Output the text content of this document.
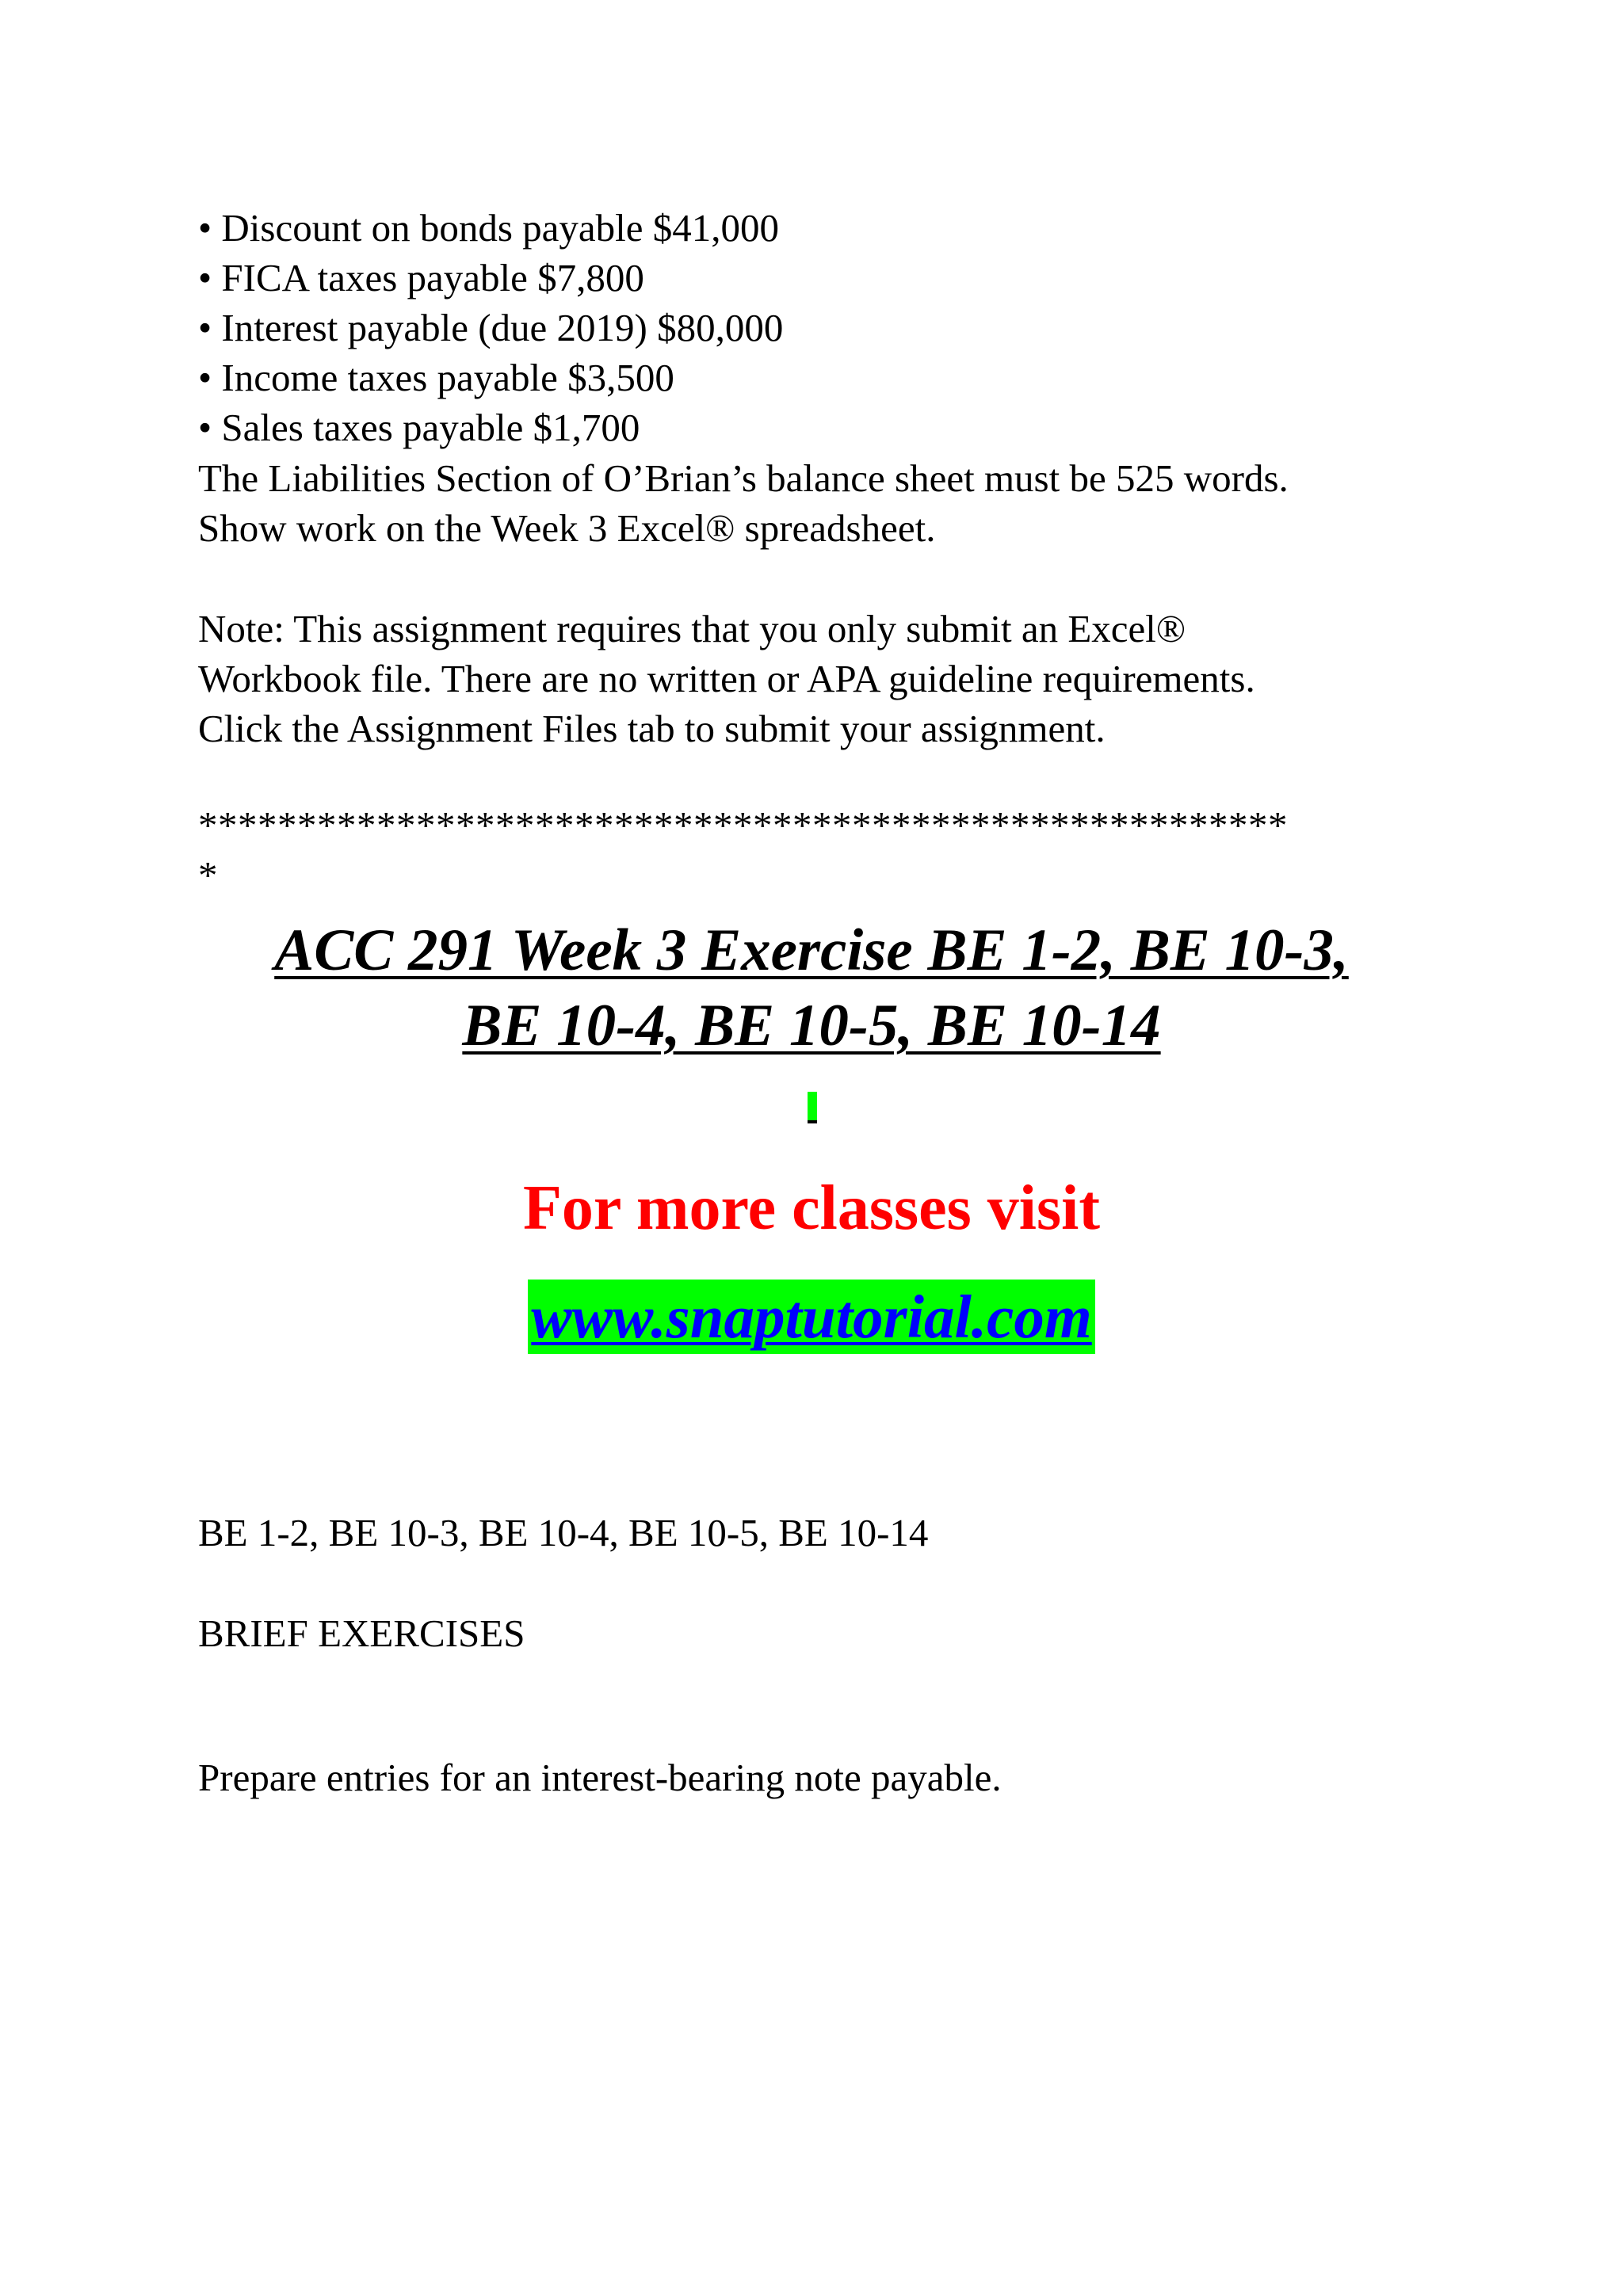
• Discount on bonds payable $41,000

• FICA taxes payable $7,800

• Interest payable (due 2019) $80,000

• Income taxes payable $3,500

• Sales taxes payable $1,700

The Liabilities Section of O’Brian’s balance sheet must be 525 words.

Show work on the Week 3 Excel® spreadsheet.

Note: This assignment requires that you only submit an Excel®

Workbook file. There are no written or APA guideline requirements.

Click the Assignment Files tab to submit your assignment.

*******************************************************
*
ACC 291 Week 3 Exercise BE 1-2, BE 10-3,
BE 10-4, BE 10-5, BE 10-14
For more classes visit
www.snaptutorial.com

BE 1-2, BE 10-3, BE 10-4, BE 10-5, BE 10-14

BRIEF EXERCISES

Prepare entries for an interest-bearing note payable.
